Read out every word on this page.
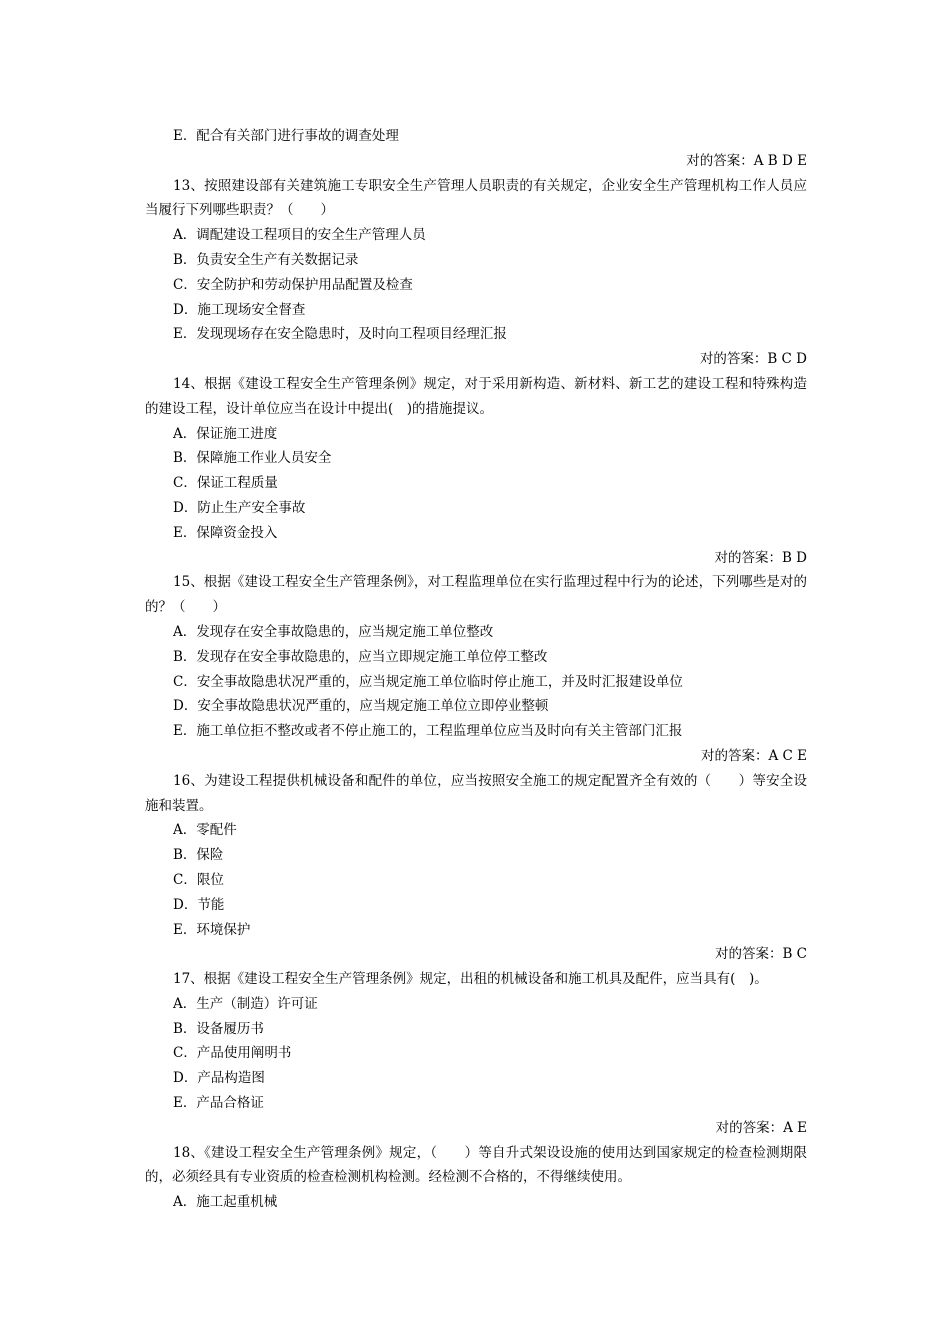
E．配合有关部门进行事故的调查处理
对的答案：A B D E
13、按照建设部有关建筑施工专职安全生产管理人员职责的有关规定，企业安全生产管理机构工作人员应当履行下列哪些职责？（　　）
A．调配建设工程项目的安全生产管理人员
B．负责安全生产有关数据记录
C．安全防护和劳动保护用品配置及检查
D．施工现场安全督查
E．发现现场存在安全隐患时，及时向工程项目经理汇报
对的答案：B C D
14、根据《建设工程安全生产管理条例》规定，对于采用新构造、新材料、新工艺的建设工程和特殊构造的建设工程，设计单位应当在设计中提出(　)的措施提议。
A．保证施工进度
B．保障施工作业人员安全
C．保证工程质量
D．防止生产安全事故
E．保障资金投入
对的答案：B D
15、根据《建设工程安全生产管理条例》，对工程监理单位在实行监理过程中行为的论述，下列哪些是对的的？（　　）
A．发现存在安全事故隐患的，应当规定施工单位整改
B．发现存在安全事故隐患的，应当立即规定施工单位停工整改
C．安全事故隐患状况严重的，应当规定施工单位临时停止施工，并及时汇报建设单位
D．安全事故隐患状况严重的，应当规定施工单位立即停业整顿
E．施工单位拒不整改或者不停止施工的，工程监理单位应当及时向有关主管部门汇报
对的答案：A C E
16、为建设工程提供机械设备和配件的单位，应当按照安全施工的规定配置齐全有效的（　　）等安全设施和装置。
A．零配件
B．保险
C．限位
D．节能
E．环境保护
对的答案：B C
17、根据《建设工程安全生产管理条例》规定，出租的机械设备和施工机具及配件，应当具有(　)。
A．生产（制造）许可证
B．设备履历书
C．产品使用阐明书
D．产品构造图
E．产品合格证
对的答案：A E
18、《建设工程安全生产管理条例》规定，（　　）等自升式架设设施的使用达到国家规定的检查检测期限的，必须经具有专业资质的检查检测机构检测。经检测不合格的，不得继续使用。
A．施工起重机械
